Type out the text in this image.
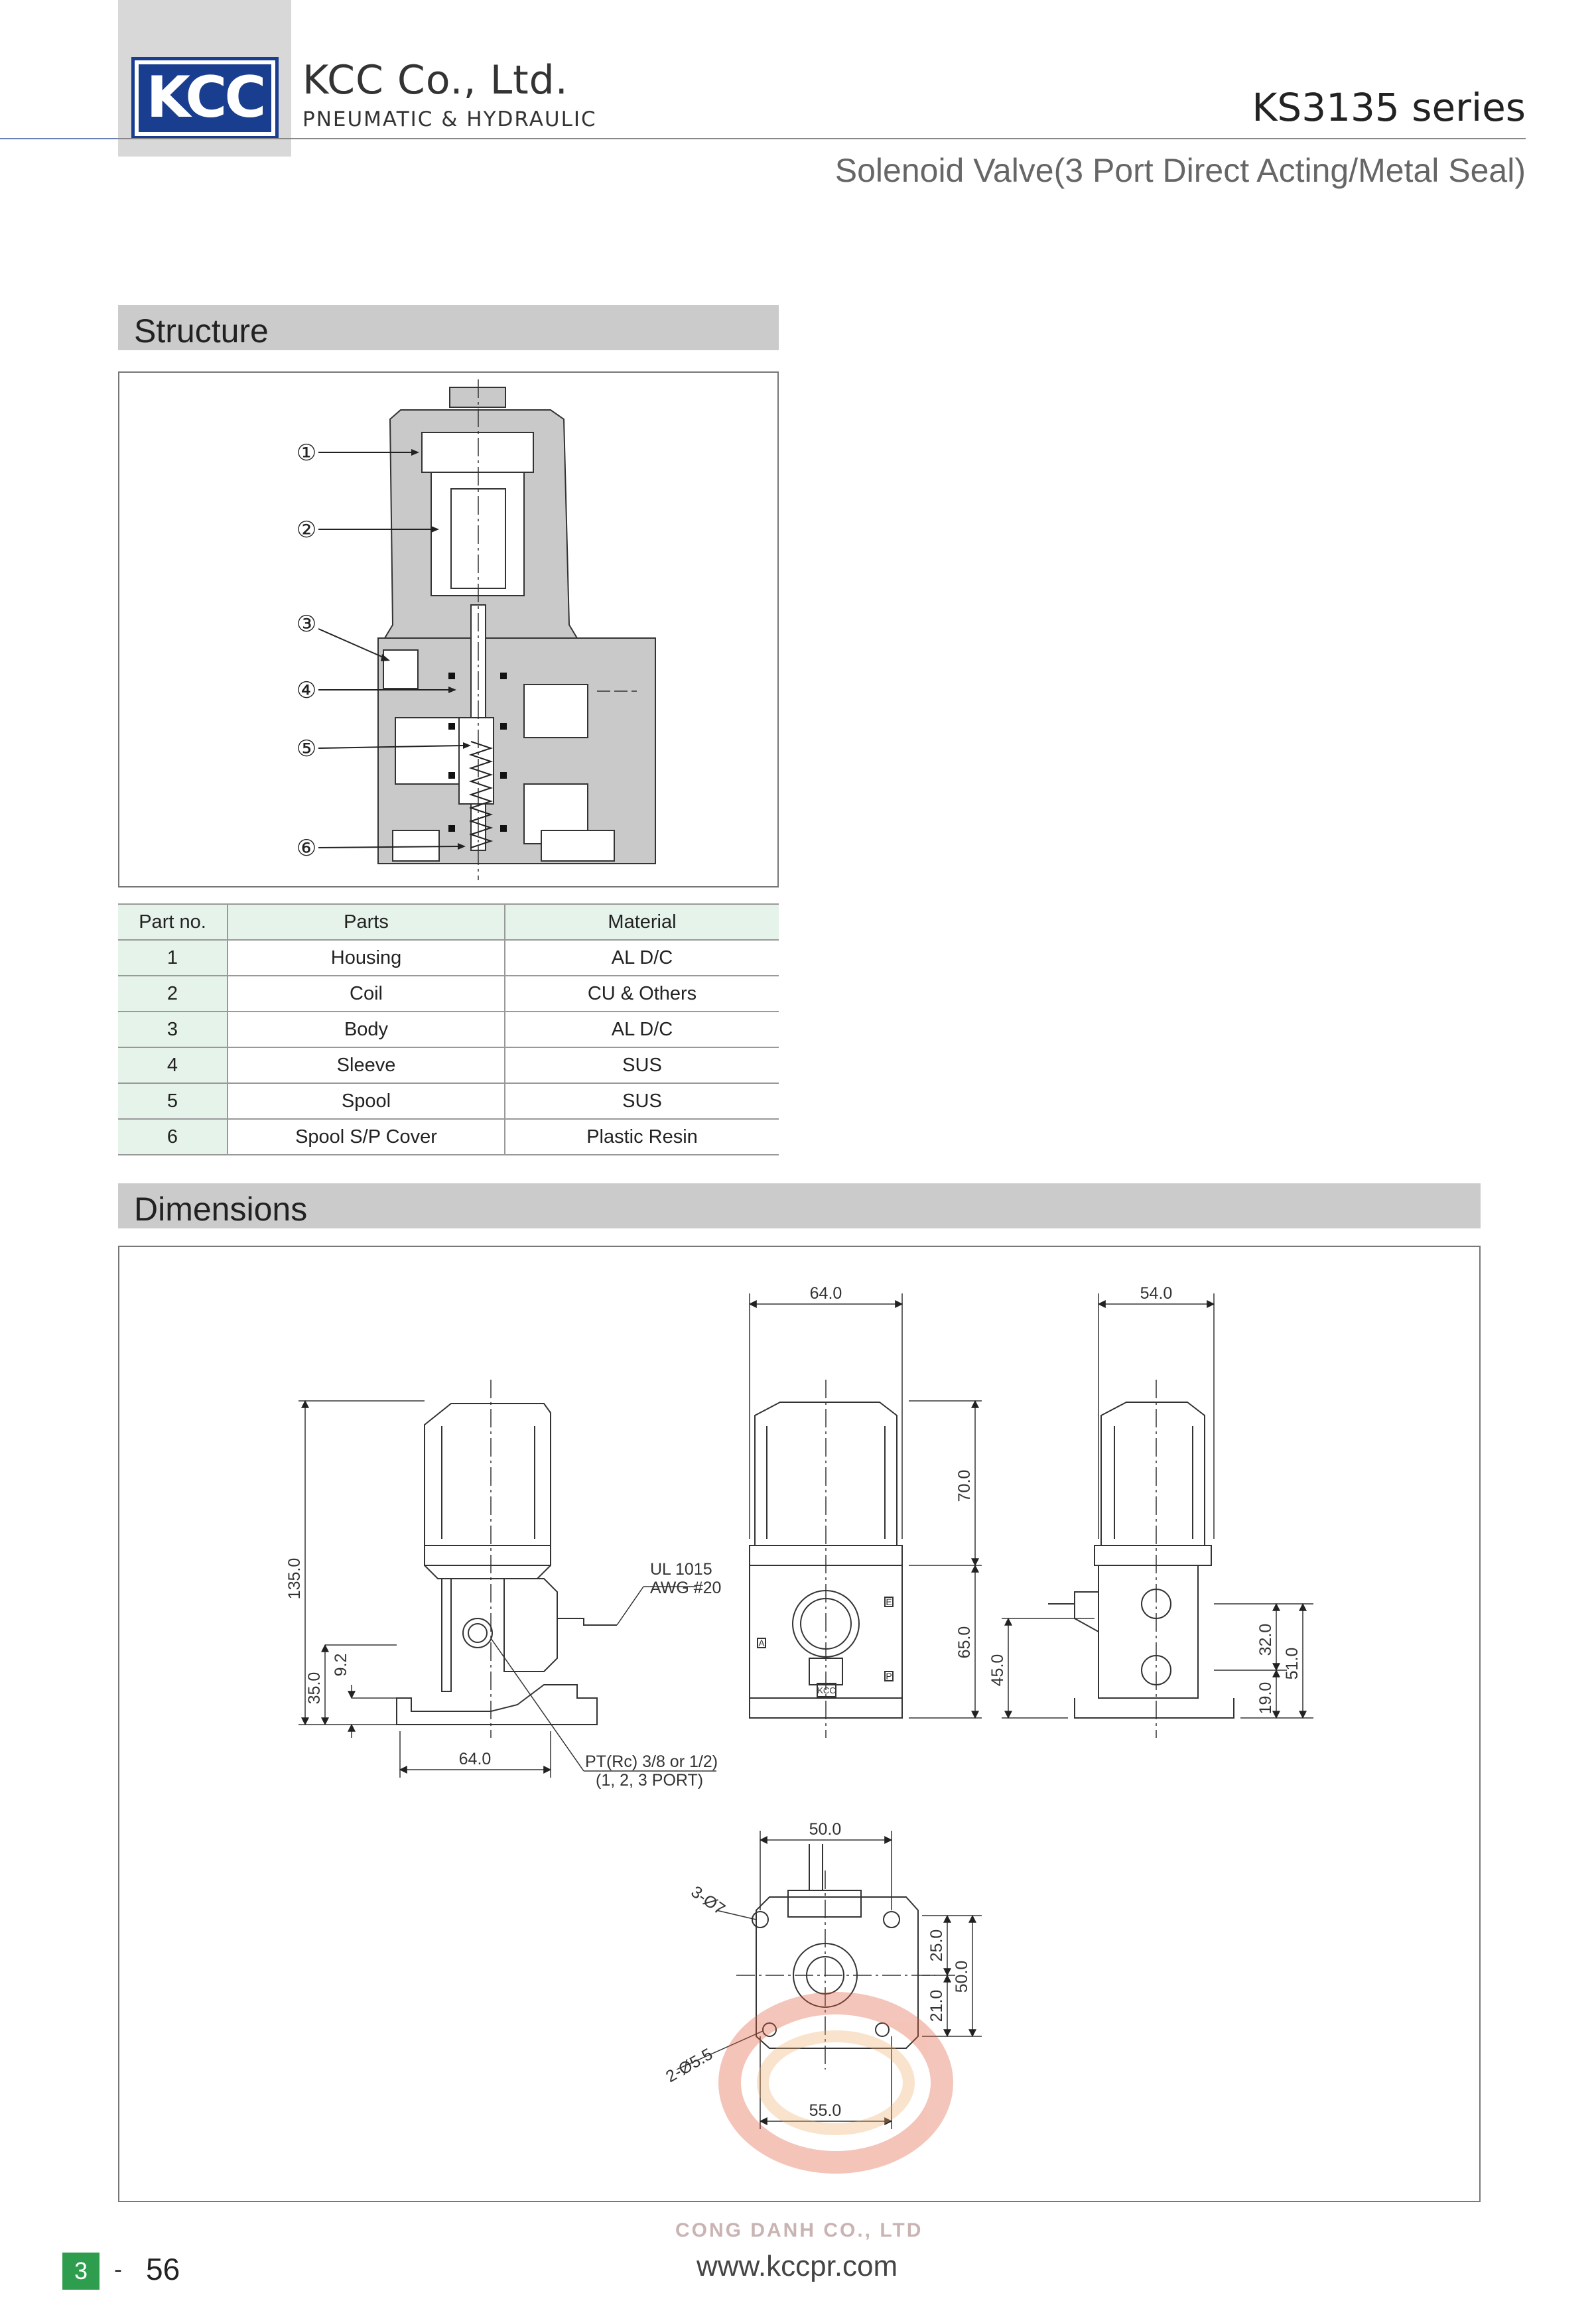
KCC KCC Co., Ltd.
PNEUMATIC & HYDRAULIC	KS3135 series
Solenoid Valve(3 Port Direct Acting/Metal Seal)
Structure
①
②
③
④
⑤
⑥
Part no.	Parts	Material
1	Housing	AL D/C
2	Coil	CU & Others
3	Body	AL D/C
4	Sleeve	SUS
5	Spool	SUS
6	Spool S/P Cover	Plastic Resin
Dimensions
135.0
35.0
9.2
64.0
UL 1015
AWG #20
PT(Rc) 3/8 or 1/2)
(1, 2, 3 PORT)
64.0
70.0
65.0
A
E
P
KCC
54.0
45.0
32.0
51.0
19.0
50.0
55.0
3-Ø7
2-Ø5.5
25.0
50.0
21.0
CONG DANH CO., LTD
3	- 56	www.kccpr.com
